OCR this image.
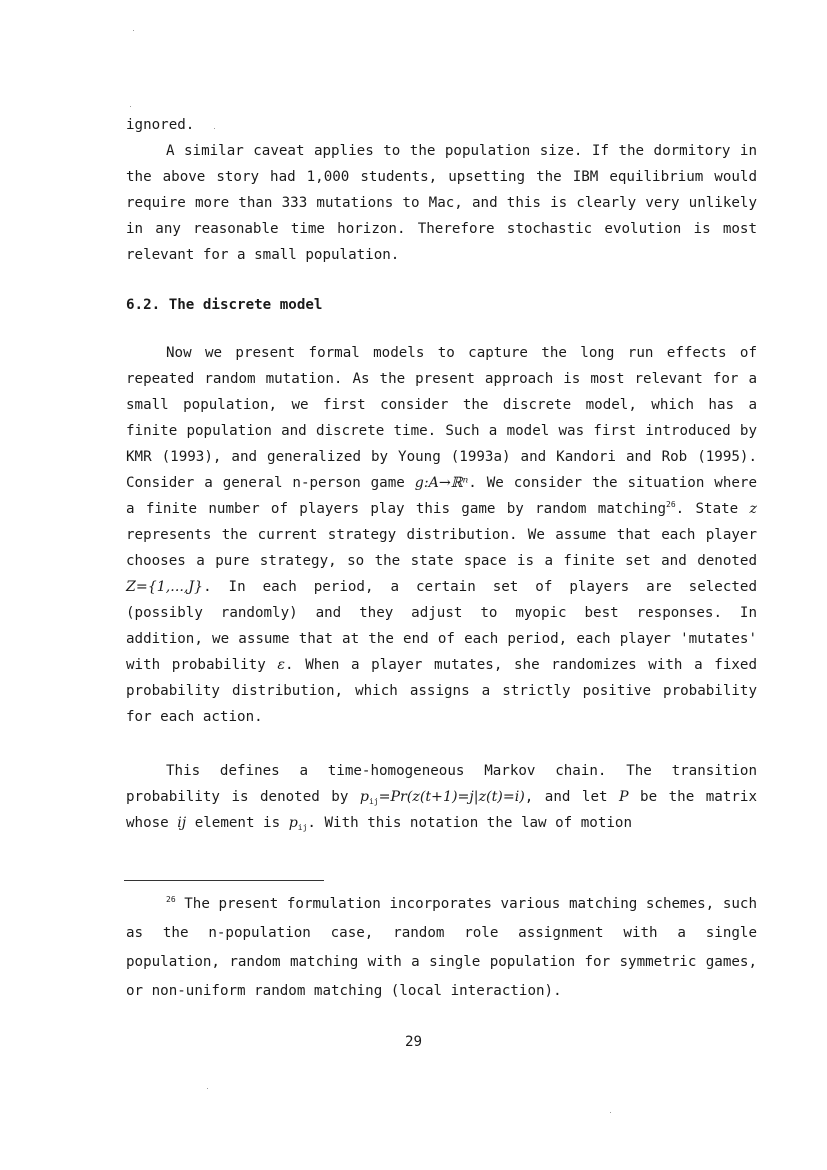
ignored.

A similar caveat applies to the population size. If the dormitory in the above story had 1,000 students, upsetting the IBM equilibrium would require more than 333 mutations to Mac, and this is clearly very unlikely in any reasonable time horizon. Therefore stochastic evolution is most relevant for a small population.

6.2. The discrete model

Now we present formal models to capture the long run effects of repeated random mutation. As the present approach is most relevant for a small population, we first consider the discrete model, which has a finite population and discrete time. Such a model was first introduced by KMR (1993), and generalized by Young (1993a) and Kandori and Rob (1995). Consider a general n-person game g:A→ℝⁿ. We consider the situation where a finite number of players play this game by random matching$^{26}$. State z represents the current strategy distribution. We assume that each player chooses a pure strategy, so the state space is a finite set and denoted Z={1,...,J}. In each period, a certain set of players are selected (possibly randomly) and they adjust to myopic best responses. In addition, we assume that at the end of each period, each player 'mutates' with probability ε. When a player mutates, she randomizes with a fixed probability distribution, which assigns a strictly positive probability for each action.

This defines a time-homogeneous Markov chain. The transition probability is denoted by $p_{ij}=Pr(z(t+1)=j|z(t)=i)$, and let P be the matrix whose ij element is $p_{ij}$. With this notation the law of motion

$^{26}$ The present formulation incorporates various matching schemes, such as the n-population case, random role assignment with a single population, random matching with a single population for symmetric games, or non-uniform random matching (local interaction).

29
